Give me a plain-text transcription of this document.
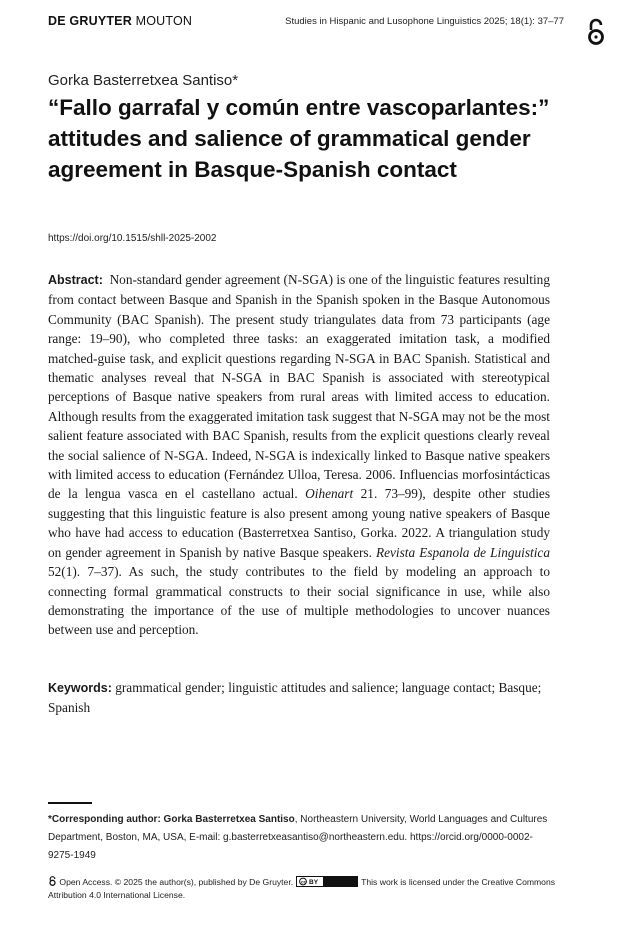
DE GRUYTER MOUTON	Studies in Hispanic and Lusophone Linguistics 2025; 18(1): 37–77
Gorka Basterretxea Santiso*
“Fallo garrafal y común entre vascoparlantes:” attitudes and salience of grammatical gender agreement in Basque-Spanish contact
https://doi.org/10.1515/shll-2025-2002

Abstract: Non-standard gender agreement (N-SGA) is one of the linguistic features resulting from contact between Basque and Spanish in the Spanish spoken in the Basque Autonomous Community (BAC Spanish). The present study triangulates data from 73 participants (age range: 19–90), who completed three tasks: an exaggerated imitation task, a modified matched-guise task, and explicit questions regarding N-SGA in BAC Spanish. Statistical and thematic analyses reveal that N-SGA in BAC Spanish is associated with stereotypical perceptions of Basque native speakers from rural areas with limited access to education. Although results from the exaggerated imitation task suggest that N-SGA may not be the most salient feature associated with BAC Spanish, results from the explicit questions clearly reveal the social salience of N-SGA. Indeed, N-SGA is indexically linked to Basque native speakers with limited access to education (Fernández Ulloa, Teresa. 2006. Influencias morfosintácticas de la lengua vasca en el castellano actual. Oihenart 21. 73–99), despite other studies suggesting that this linguistic feature is also present among young native speakers of Basque who have had access to education (Basterretxea Santiso, Gorka. 2022. A triangulation study on gender agreement in Spanish by native Basque speakers. Revista Espanola de Linguistica 52(1). 7–37). As such, the study contributes to the field by modeling an approach to connecting formal grammatical constructs to their social significance in use, while also demonstrating the importance of the use of multiple methodologies to uncover nuances between use and perception.

Keywords: grammatical gender; linguistic attitudes and salience; language contact; Basque; Spanish

*Corresponding author: Gorka Basterretxea Santiso, Northeastern University, World Languages and Cultures Department, Boston, MA, USA, E-mail: g.basterretxeasantiso@northeastern.edu. https://orcid.org/0000-0002-9275-1949

Open Access. © 2025 the author(s), published by De Gruyter. cc BY	This work is licensed under the Creative Commons Attribution 4.0 International License.
